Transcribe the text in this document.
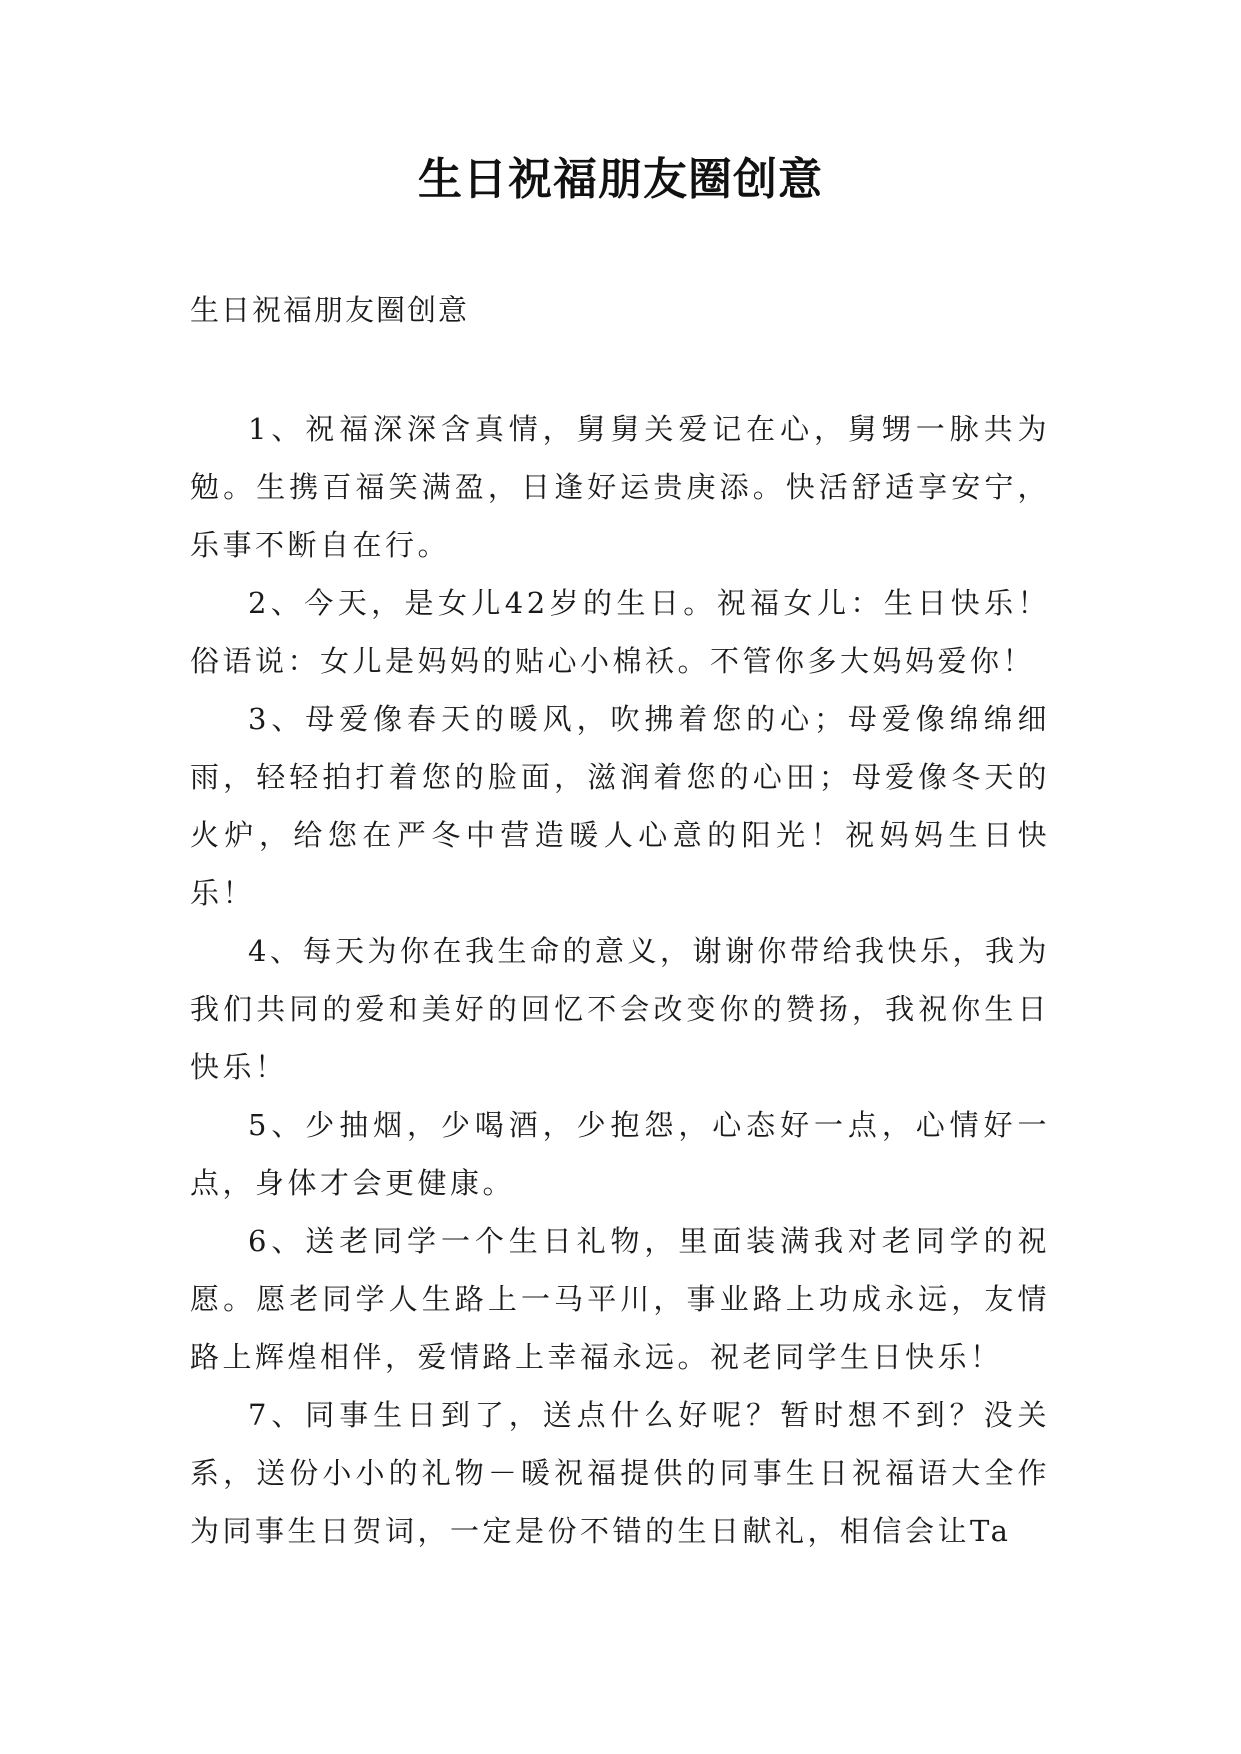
生日祝福朋友圈创意
生日祝福朋友圈创意

1、祝福深深含真情，舅舅关爱记在心，舅甥一脉共为勉。生携百福笑满盈，日逢好运贵庚添。快活舒适享安宁，乐事不断自在行。

2、今天，是女儿42岁的生日。祝福女儿：生日快乐！俗语说：女儿是妈妈的贴心小棉袄。不管你多大妈妈爱你！

3、母爱像春天的暖风，吹拂着您的心；母爱像绵绵细雨，轻轻拍打着您的脸面，滋润着您的心田；母爱像冬天的火炉，给您在严冬中营造暖人心意的阳光！祝妈妈生日快乐！

4、每天为你在我生命的意义，谢谢你带给我快乐，我为我们共同的爱和美好的回忆不会改变你的赞扬，我祝你生日快乐！

5、少抽烟，少喝酒，少抱怨，心态好一点，心情好一点，身体才会更健康。

6、送老同学一个生日礼物，里面装满我对老同学的祝愿。愿老同学人生路上一马平川，事业路上功成永远，友情路上辉煌相伴，爱情路上幸福永远。祝老同学生日快乐！

7、同事生日到了，送点什么好呢？暂时想不到？没关系，送份小小的礼物－暖祝福提供的同事生日祝福语大全作为同事生日贺词，一定是份不错的生日献礼，相信会让Ta
